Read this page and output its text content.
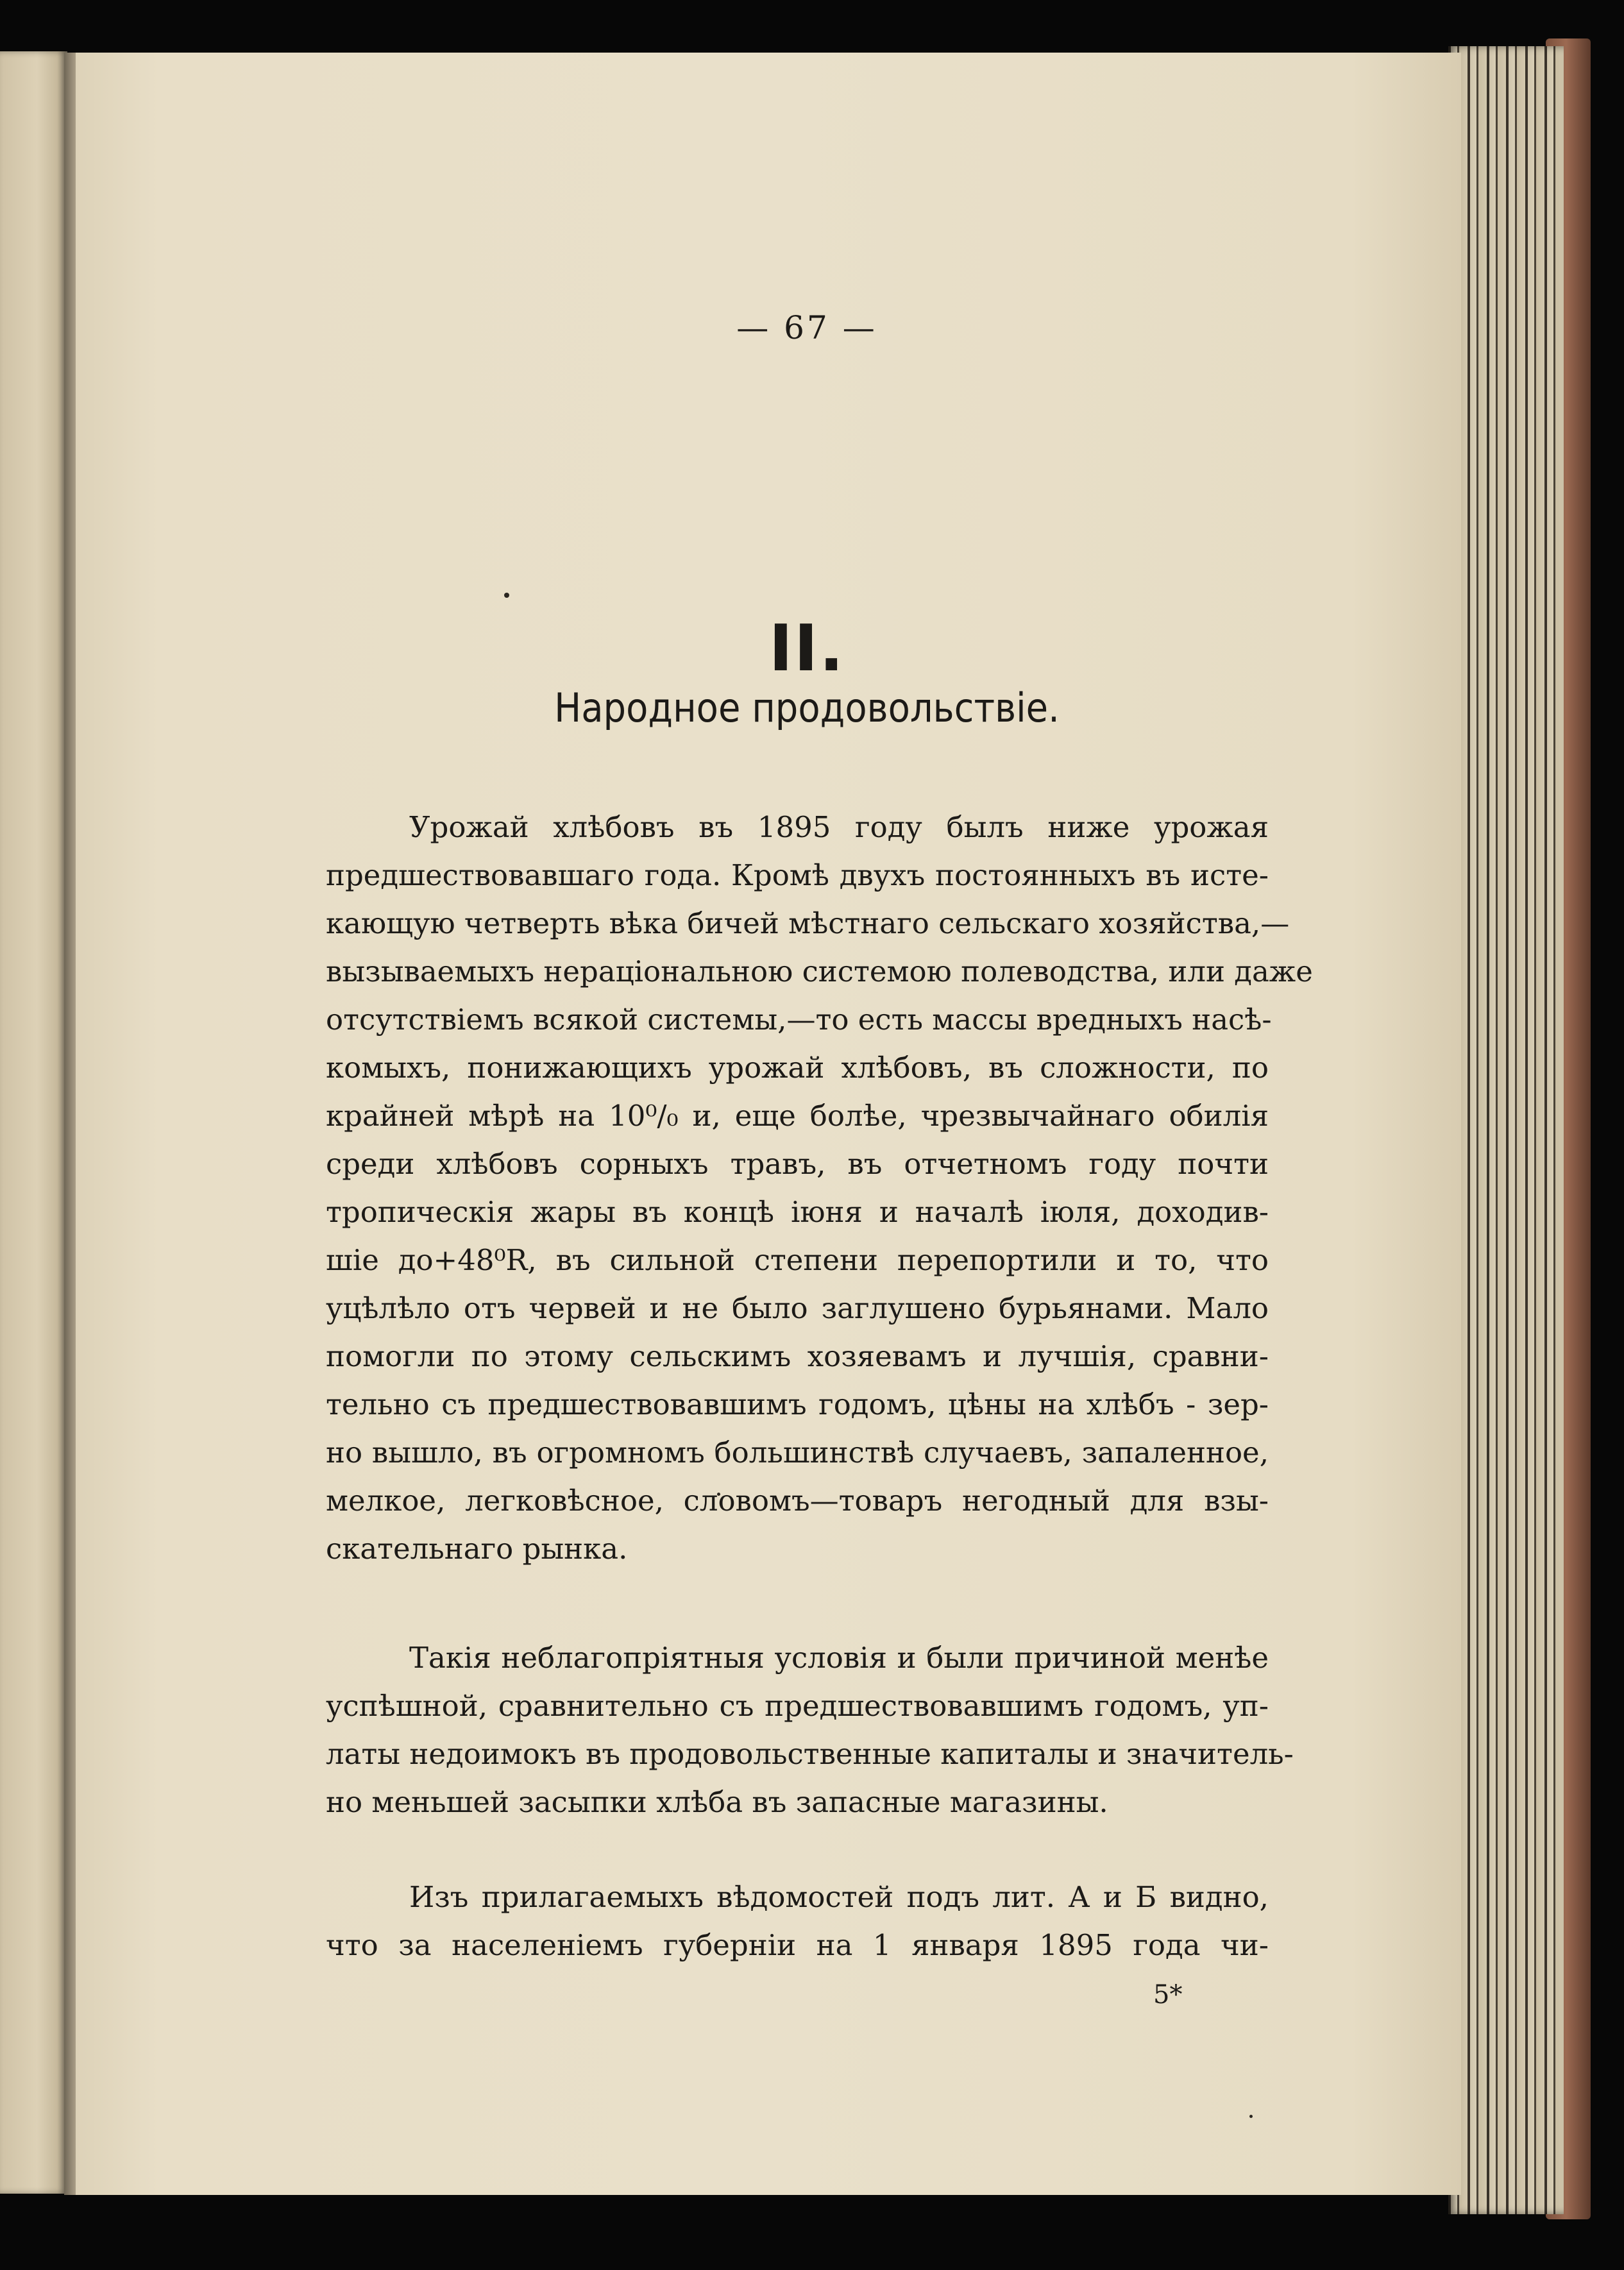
— 67 —
II.
Народное продовольствіе.
Урожай хлѣбовъ въ 1895 году былъ ниже урожая
предшествовавшаго года. Кромѣ двухъ постоянныхъ въ исте-
кающую четверть вѣка бичей мѣстнаго сельскаго хозяйства,—
вызываемыхъ нераціональною системою полеводства, или даже
отсутствіемъ всякой системы,—то есть массы вредныхъ насѣ-
комыхъ, понижающихъ урожай хлѣбовъ, въ сложности, по
крайней мѣрѣ на 10⁰/₀ и, еще болѣе, чрезвычайнаго обилія
среди хлѣбовъ сорныхъ травъ, въ отчетномъ году почти
тропическія жары въ концѣ іюня и началѣ іюля, доходив-
шіе до+48⁰R, въ сильной степени перепортили и то, что
уцѣлѣло отъ червей и не было заглушено бурьянами. Мало
помогли по этому сельскимъ хозяевамъ и лучшія, сравни-
тельно съ предшествовавшимъ годомъ, цѣны на хлѣбъ - зер-
но вышло, въ огромномъ большинствѣ случаевъ, запаленное,
мелкое, легковѣсное, словомъ—товаръ негодный для взы-
скательнаго рынка.
Такія неблагопріятныя условія и были причиной менѣе
успѣшной, сравнительно съ предшествовавшимъ годомъ, уп-
латы недоимокъ въ продовольственные капиталы и значитель-
но меньшей засыпки хлѣба въ запасные магазины.
Изъ прилагаемыхъ вѣдомостей подъ лит. А и Б видно,
что за населеніемъ губерніи на 1 января 1895 года чи-
5*
